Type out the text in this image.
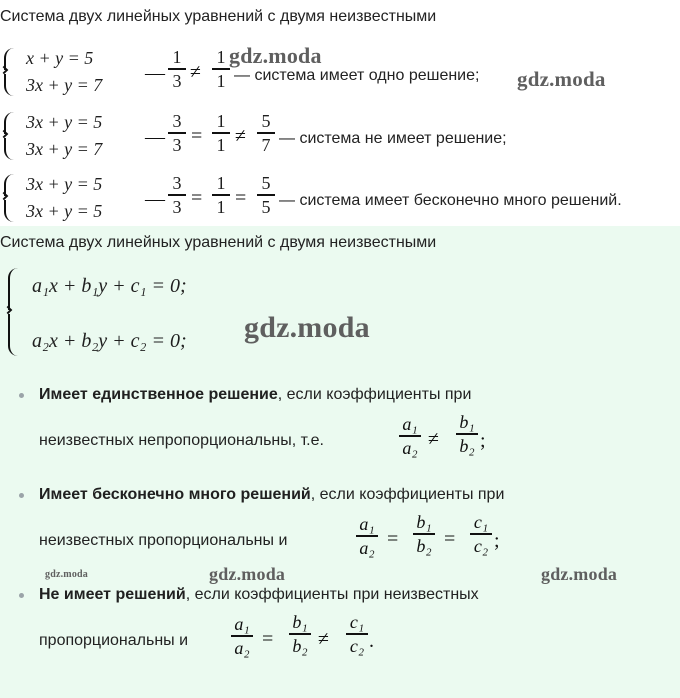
Система двух линейных уравнений с двумя неизвестными
x + y = 5
3x + y = 7
—
1
3 ≠
1
1 — система имеет одно решение;
3x + y = 5
3x + y = 7
—
3
3 =
1
1 ≠
5
7 — система не имеет решение;
3x + y = 5
3x + y = 5
—
3
3 =
1
1 =
5
5 — система имеет бесконечно много решений.
Система двух линейных уравнений с двумя неизвестными
a₁x + b₁y + c₁ = 0;
a₂x + b₂y + c₂ = 0;
Имеет единственное решение, если коэффициенты при
неизвестных непропорциональны, т.е.
a₁
a₂ ≠
b₁
b₂ ;
Имеет бесконечно много решений, если коэффициенты при
неизвестных пропорциональны и
a₁
a₂ =
b₁
b₂ =
c₁
c₂ ;
Не имеет решений, если коэффициенты при неизвестных
пропорциональны и
a₁
a₂ =
b₁
b₂ ≠
c₁
c₂ .
gdz.moda
gdz.moda
gdz.moda
gdz.moda	gdz.moda	gdz.moda
